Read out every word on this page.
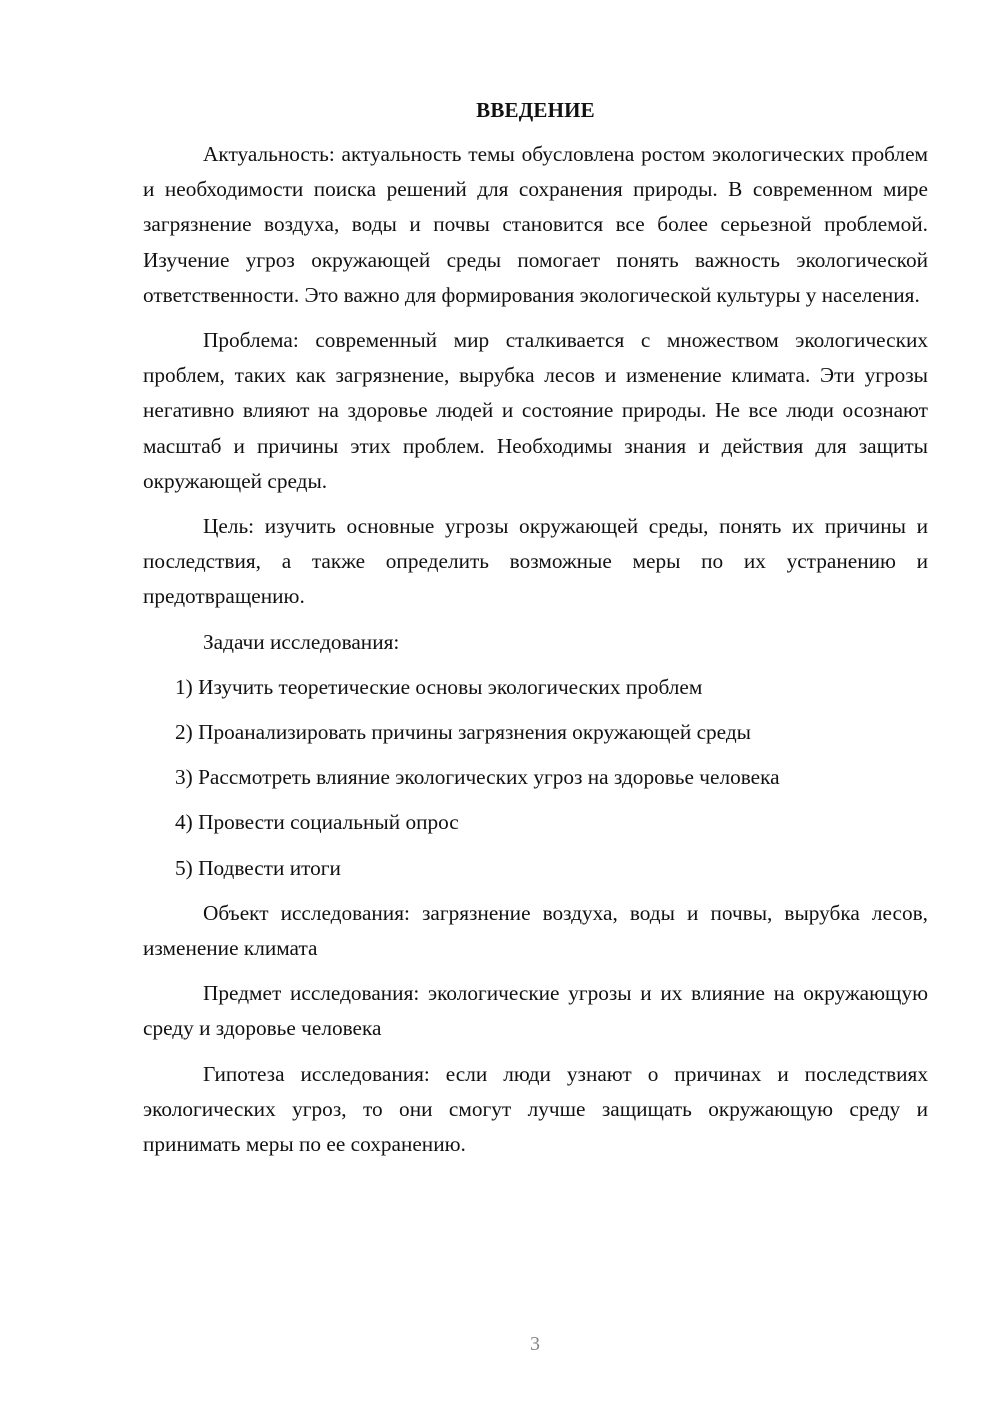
ВВЕДЕНИЕ

Актуальность: актуальность темы обусловлена ростом экологических проблем и необходимости поиска решений для сохранения природы. В современном мире загрязнение воздуха, воды и почвы становится все более серьезной проблемой. Изучение угроз окружающей среды помогает понять важность экологической ответственности. Это важно для формирования экологической культуры у населения.

Проблема: современный мир сталкивается с множеством экологических проблем, таких как загрязнение, вырубка лесов и изменение климата. Эти угрозы негативно влияют на здоровье людей и состояние природы. Не все люди осознают масштаб и причины этих проблем. Необходимы знания и действия для защиты окружающей среды.

Цель: изучить основные угрозы окружающей среды, понять их причины и последствия, а также определить возможные меры по их устранению и предотвращению.

Задачи исследования:

1) Изучить теоретические основы экологических проблем
2) Проанализировать причины загрязнения окружающей среды
3) Рассмотреть влияние экологических угроз на здоровье человека
4) Провести социальный опрос
5) Подвести итоги

Объект исследования: загрязнение воздуха, воды и почвы, вырубка лесов, изменение климата

Предмет исследования: экологические угрозы и их влияние на окружающую среду и здоровье человека

Гипотеза исследования: если люди узнают о причинах и последствиях экологических угроз, то они смогут лучше защищать окружающую среду и принимать меры по ее сохранению.

3
